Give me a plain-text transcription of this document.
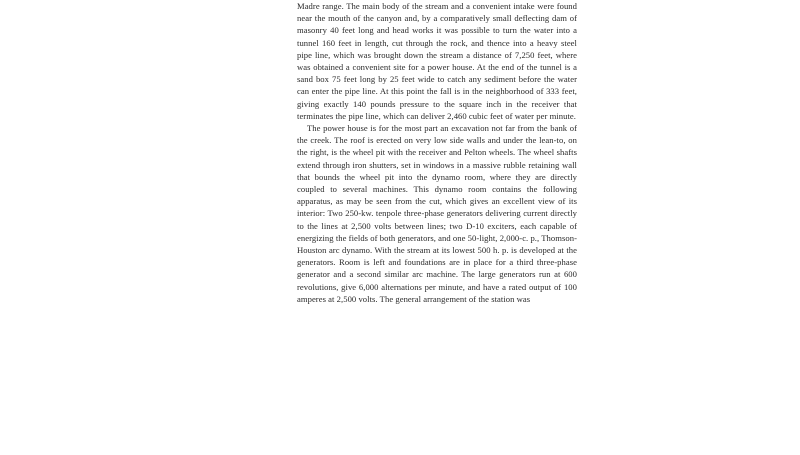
Madre range. The main body of the stream and a convenient intake were found near the mouth of the canyon and, by a comparatively small deflecting dam of masonry 40 feet long and head works it was possible to turn the water into a tunnel 160 feet in length, cut through the rock, and thence into a heavy steel pipe line, which was brought down the stream a distance of 7,250 feet, where was obtained a convenient site for a power house. At the end of the tunnel is a sand box 75 feet long by 25 feet wide to catch any sediment before the water can enter the pipe line. At this point the fall is in the neighborhood of 333 feet, giving exactly 140 pounds pressure to the square inch in the receiver that terminates the pipe line, which can deliver 2,460 cubic feet of water per minute.

The power house is for the most part an excavation not far from the bank of the creek. The roof is erected on very low side walls and under the lean-to, on the right, is the wheel pit with the receiver and Pelton wheels. The wheel shafts extend through iron shutters, set in windows in a massive rubble retaining wall that bounds the wheel pit into the dynamo room, where they are directly coupled to several machines. This dynamo room contains the following apparatus, as may be seen from the cut, which gives an excellent view of its interior: Two 250-kw. tenpole three-phase generators delivering current directly to the lines at 2,500 volts between lines; two D-10 exciters, each capable of energizing the fields of both generators, and one 50-light, 2,000-c. p., Thomson-Houston arc dynamo. With the stream at its lowest 500 h. p. is developed at the generators. Room is left and foundations are in place for a third three-phase generator and a second similar arc machine. The large generators run at 600 revolutions, give 6,000 alternations per minute, and have a rated output of 100 amperes at 2,500 volts. The general arrangement of the station was
